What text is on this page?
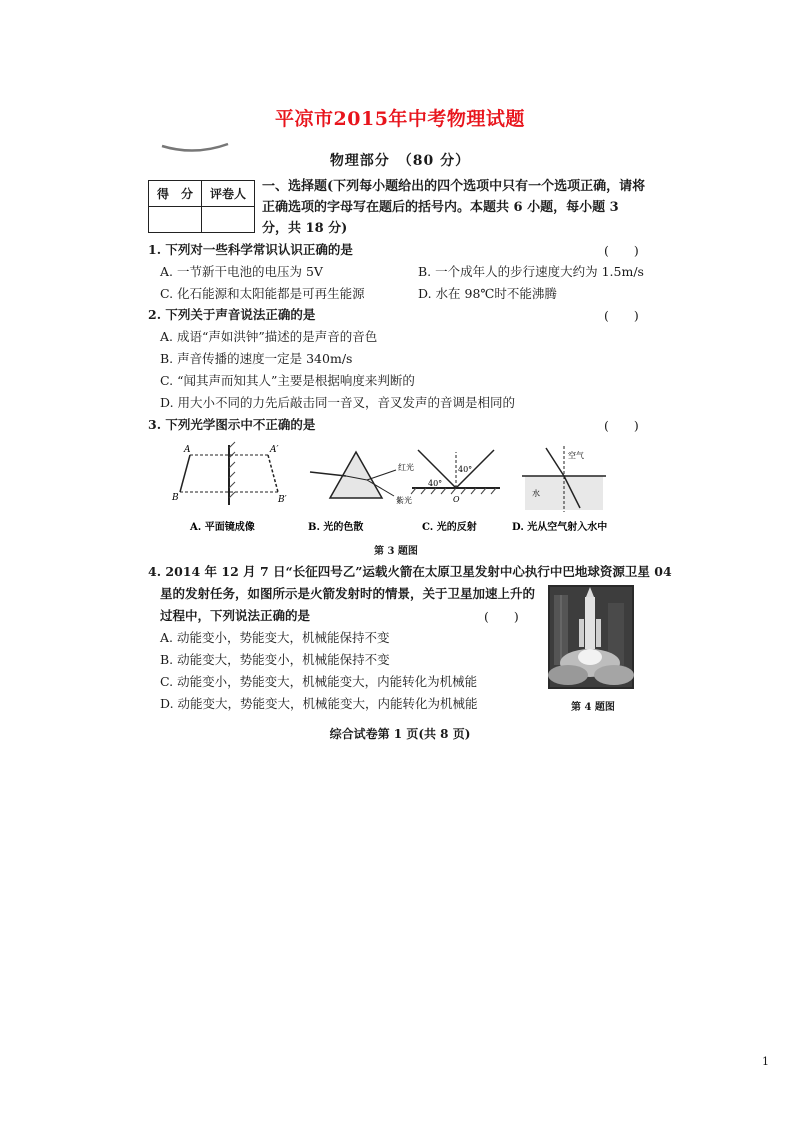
平凉市2015年中考物理试题
物理部分　（80 分）
得　分	评卷人
	一、选择题(下列每小题给出的四个选项中只有一个选项正确，请将正确选项的字母写在题后的括号内。本题共 6 小题，每小题 3 分，共 18 分)
1. 下列对一些科学常识认识正确的是	(　　)
A. 一节新干电池的电压为 5V	B. 一个成年人的步行速度大约为 1.5m/s
C. 化石能源和太阳能都是可再生能源	D. 水在 98℃时不能沸腾
2. 下列关于声音说法正确的是	(　　)
A. 成语“声如洪钟”描述的是声音的音色
B. 声音传播的速度一定是 340m/s
C. “闻其声而知其人”主要是根据响度来判断的
D. 用大小不同的力先后敲击同一音叉，音叉发声的音调是相同的
3. 下列光学图示中不正确的是	(　　)
A	A′
B	B′
红光
紫光
40°
40°
O
空气
水
A. 平面镜成像	B. 光的色散	C. 光的反射	D. 光从空气射入水中
第 3 题图
4. 2014 年 12 月 7 日“长征四号乙”运载火箭在太原卫星发射中心执行中巴地球资源卫星 04
星的发射任务，如图所示是火箭发射时的情景，关于卫星加速上升的
过程中，下列说法正确的是	(　　)
A. 动能变小，势能变大，机械能保持不变
B. 动能变大，势能变小，机械能保持不变
C. 动能变小，势能变大，机械能变大，内能转化为机械能
D. 动能变大，势能变大，机械能变大，内能转化为机械能	第 4 题图
综合试卷第 1 页(共 8 页)
1
